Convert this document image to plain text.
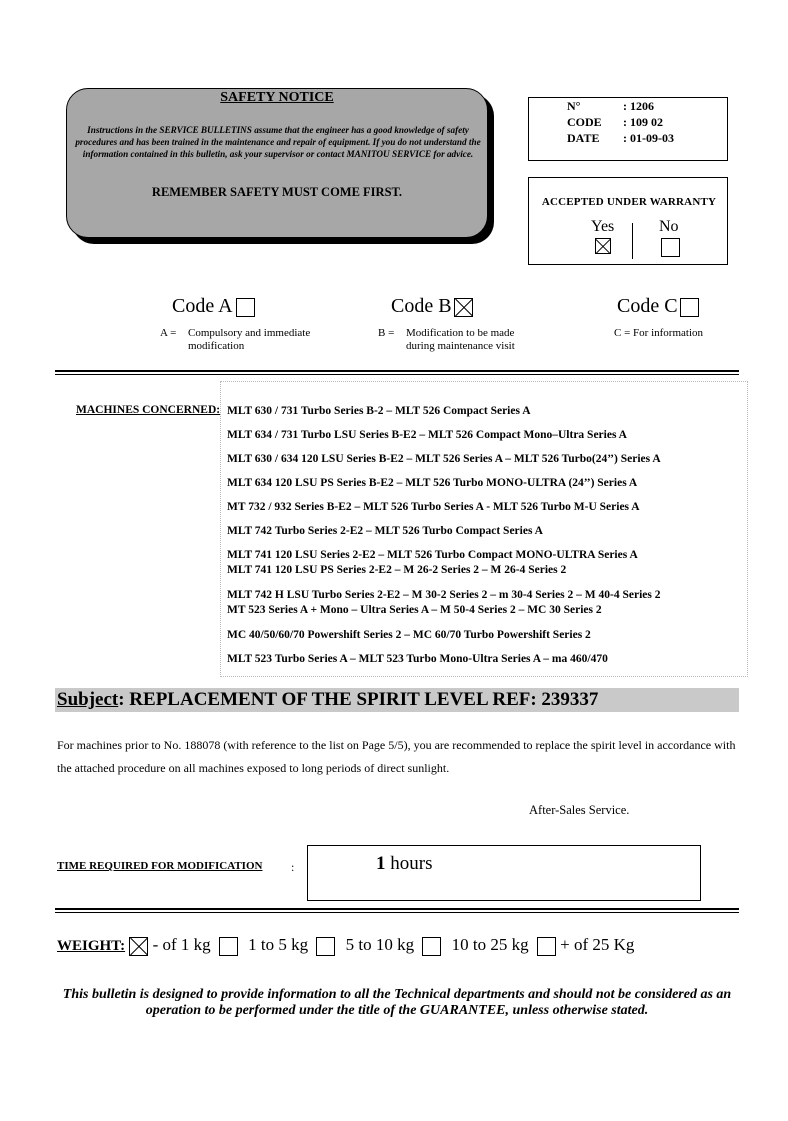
SAFETY NOTICE
Instructions in the SERVICE BULLETINS assume that the engineer has a good knowledge of safety procedures and has been trained in the maintenance and repair of equipment. If you do not understand the information contained in this bulletin, ask your supervisor or contact MANITOU SERVICE for advice.
REMEMBER SAFETY MUST COME FIRST.
N°	: 1206
CODE : 109 02
DATE : 01-09-03
ACCEPTED UNDER WARRANTY
Yes	No
Code A	Code B	Code C
A = Compulsory and immediate
modification
B = Modification to be made
during maintenance visit
C = For information
MACHINES CONCERNED: MLT 630 / 731 Turbo Series B-2 – MLT 526 Compact Series A
MLT 634 / 731 Turbo LSU Series B-E2 – MLT 526 Compact Mono–Ultra Series A
MLT 630 / 634 120 LSU Series B-E2 – MLT 526 Series A – MLT 526 Turbo(24’’) Series A
MLT 634 120 LSU PS Series B-E2 – MLT 526 Turbo MONO-ULTRA (24’’) Series A
MT 732 / 932 Series B-E2 – MLT 526 Turbo Series A - MLT 526 Turbo M-U Series A
MLT 742 Turbo Series 2-E2 – MLT 526 Turbo Compact Series A
MLT 741 120 LSU Series 2-E2 – MLT 526 Turbo Compact MONO-ULTRA Series A
MLT 741 120 LSU PS Series 2-E2 – M 26-2 Series 2 – M 26-4 Series 2
MLT 742 H LSU Turbo Series 2-E2 – M 30-2 Series 2 – m 30-4 Series 2 – M 40-4 Series 2
MT 523 Series A + Mono – Ultra Series A – M 50-4 Series 2 – MC 30 Series 2
MC 40/50/60/70 Powershift Series 2 – MC 60/70 Turbo Powershift Series 2
MLT 523 Turbo Series A – MLT 523 Turbo Mono-Ultra Series A – ma 460/470
Subject: REPLACEMENT OF THE SPIRIT LEVEL REF: 239337
For machines prior to No. 188078 (with reference to the list on Page 5/5), you are recommended to replace the spirit level in accordance with the attached procedure on all machines exposed to long periods of direct sunlight.
After-Sales Service.
TIME REQUIRED FOR MODIFICATION :	1 hours
WEIGHT: - of 1 kg 1 to 5 kg 5 to 10 kg 10 to 25 kg + of 25 Kg
This bulletin is designed to provide information to all the Technical departments and should not be considered as an operation to be performed under the title of the GUARANTEE, unless otherwise stated.
